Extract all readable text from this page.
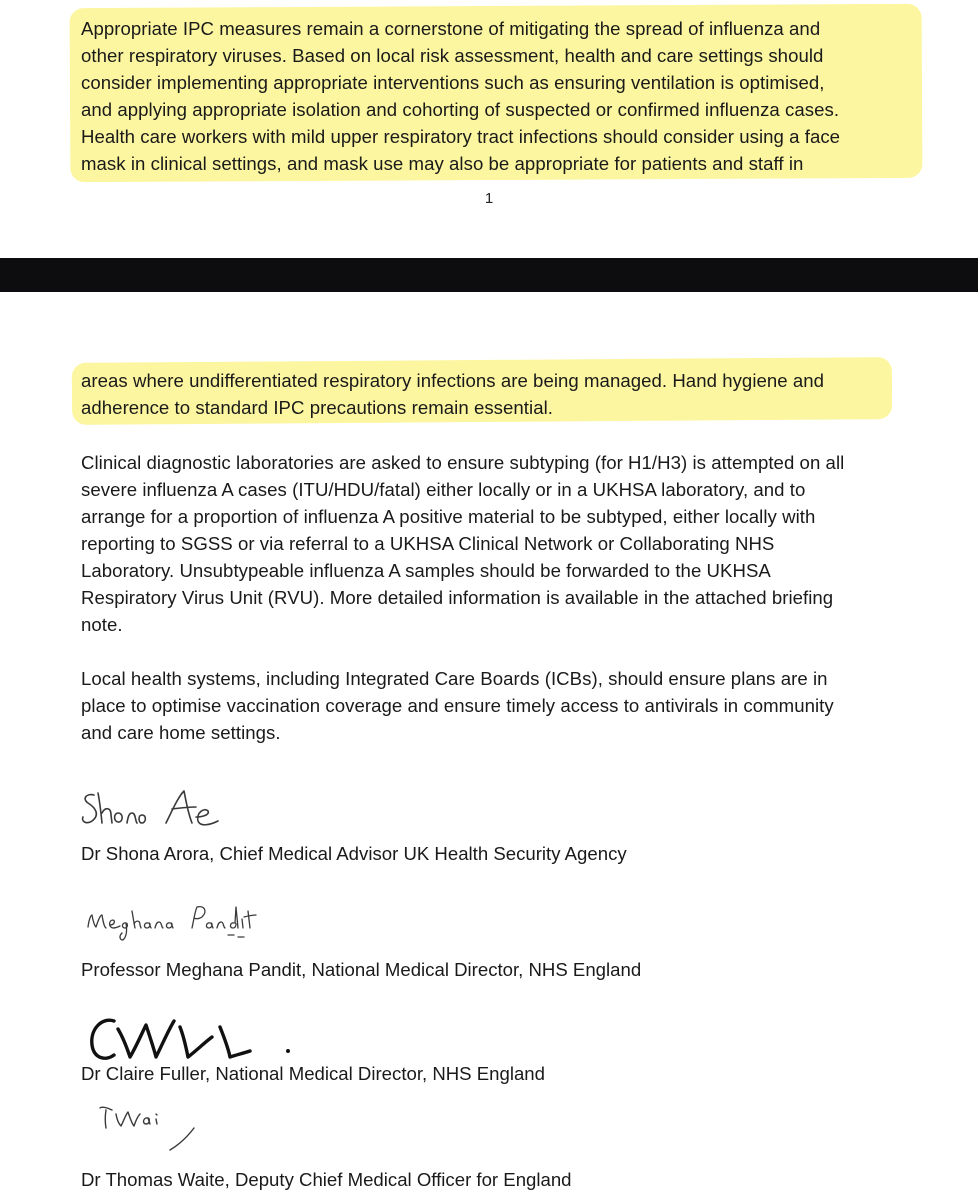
Appropriate IPC measures remain a cornerstone of mitigating the spread of influenza and
other respiratory viruses. Based on local risk assessment, health and care settings should
consider implementing appropriate interventions such as ensuring ventilation is optimised,
and applying appropriate isolation and cohorting of suspected or confirmed influenza cases.
Health care workers with mild upper respiratory tract infections should consider using a face
mask in clinical settings, and mask use may also be appropriate for patients and staff in

1

areas where undifferentiated respiratory infections are being managed. Hand hygiene and
adherence to standard IPC precautions remain essential.

Clinical diagnostic laboratories are asked to ensure subtyping (for H1/H3) is attempted on all
severe influenza A cases (ITU/HDU/fatal) either locally or in a UKHSA laboratory, and to
arrange for a proportion of influenza A positive material to be subtyped, either locally with
reporting to SGSS or via referral to a UKHSA Clinical Network or Collaborating NHS
Laboratory. Unsubtypeable influenza A samples should be forwarded to the UKHSA
Respiratory Virus Unit (RVU). More detailed information is available in the attached briefing
note.

Local health systems, including Integrated Care Boards (ICBs), should ensure plans are in
place to optimise vaccination coverage and ensure timely access to antivirals in community
and care home settings.

Dr Shona Arora, Chief Medical Advisor UK Health Security Agency

Professor Meghana Pandit, National Medical Director, NHS England

Dr Claire Fuller, National Medical Director, NHS England

Dr Thomas Waite, Deputy Chief Medical Officer for England
